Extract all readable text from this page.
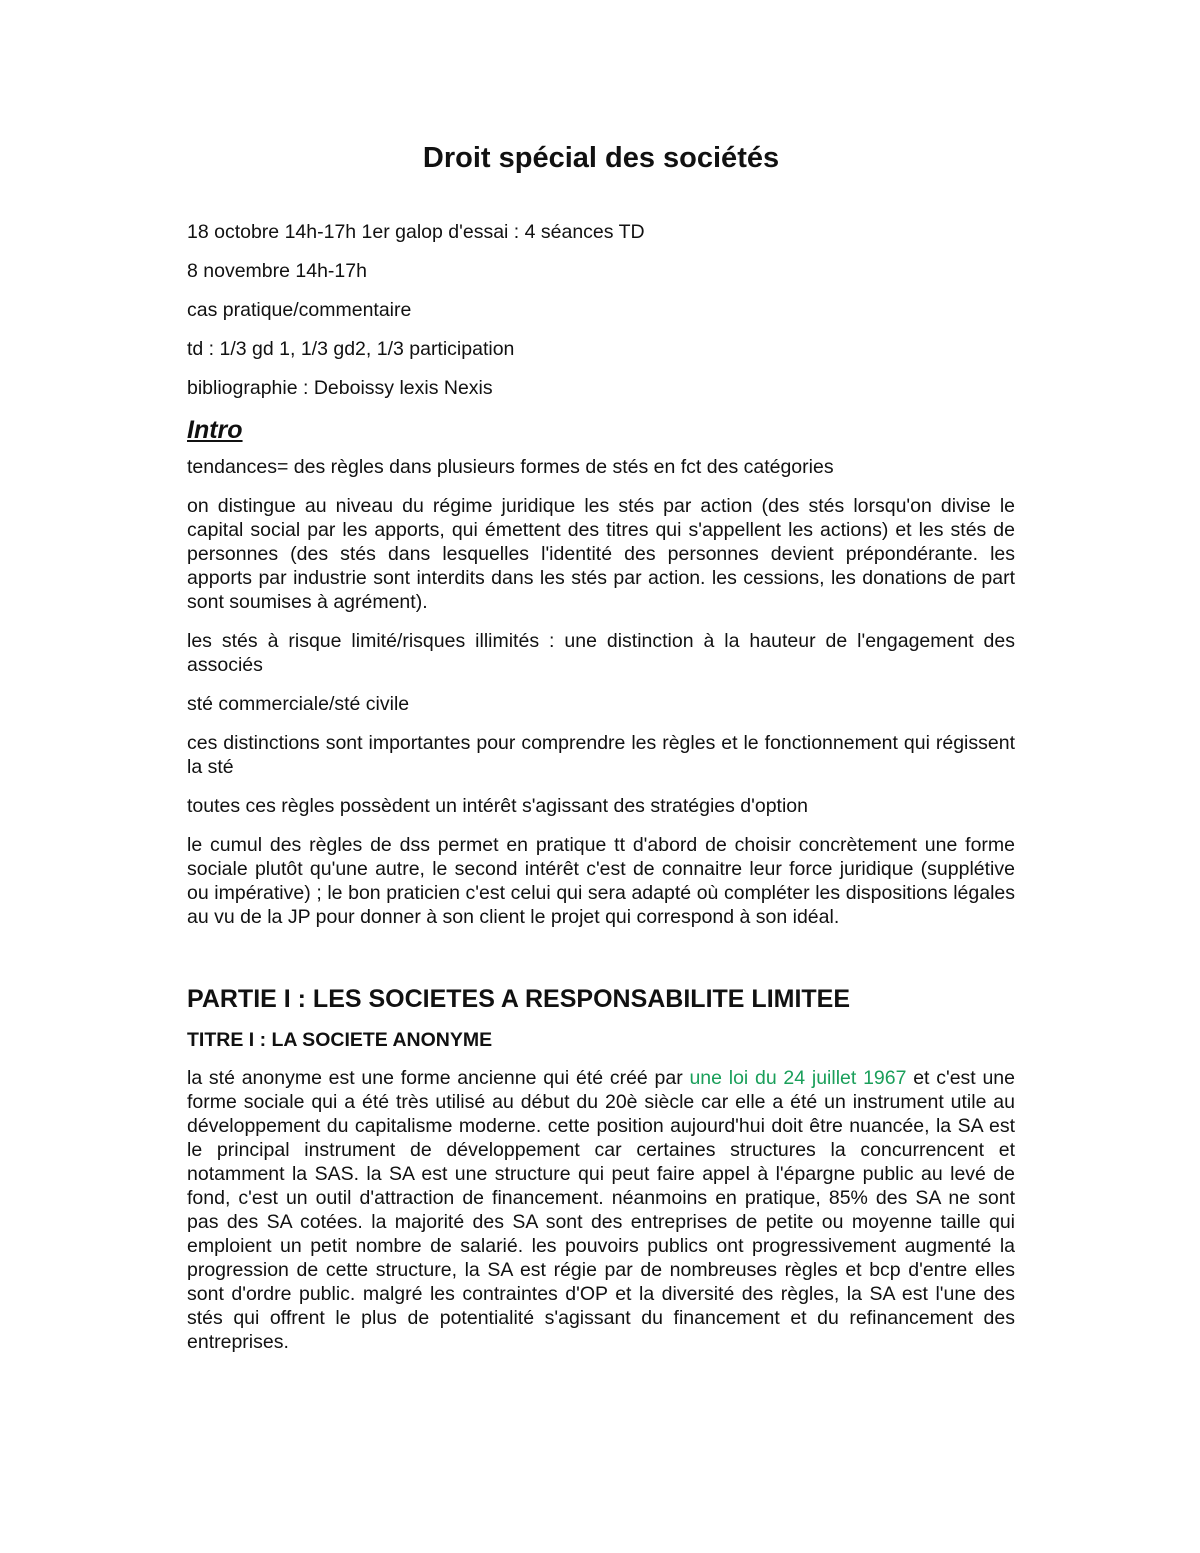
Droit spécial des sociétés

18 octobre 14h-17h 1er galop d'essai : 4 séances TD

8 novembre 14h-17h

cas pratique/commentaire

td : 1/3 gd 1, 1/3 gd2, 1/3 participation

bibliographie : Deboissy lexis Nexis

Intro

tendances= des règles dans plusieurs formes de stés en fct des catégories

on distingue au niveau du régime juridique les stés par action (des stés lorsqu'on divise le capital social par les apports, qui émettent des titres qui s'appellent les actions) et les stés de personnes (des stés dans lesquelles l'identité des personnes devient prépondérante. les apports par industrie sont interdits dans les stés par action. les cessions, les donations de part sont soumises à agrément).

les stés à risque limité/risques illimités : une distinction à la hauteur de l'engagement des associés

sté commerciale/sté civile

ces distinctions sont importantes pour comprendre les règles et le fonctionnement qui régissent la sté

toutes ces règles possèdent un intérêt s'agissant des stratégies d'option

le cumul des règles de dss permet en pratique tt d'abord de choisir concrètement une forme sociale plutôt qu'une autre, le second intérêt c'est de connaitre leur force juridique (supplétive ou impérative) ; le bon praticien c'est celui qui sera adapté où compléter les dispositions légales au vu de la JP pour donner à son client le projet qui correspond à son idéal.

PARTIE I : LES SOCIETES A RESPONSABILITE LIMITEE
TITRE I : LA SOCIETE ANONYME

la sté anonyme est une forme ancienne qui été créé par une loi du 24 juillet 1967 et c'est une forme sociale qui a été très utilisé au début du 20è siècle car elle a été un instrument utile au développement du capitalisme moderne. cette position aujourd'hui doit être nuancée, la SA est le principal instrument de développement car certaines structures la concurrencent et notamment la SAS. la SA est une structure qui peut faire appel à l'épargne public au levé de fond, c'est un outil d'attraction de financement. néanmoins en pratique, 85% des SA ne sont pas des SA cotées. la majorité des SA sont des entreprises de petite ou moyenne taille qui emploient un petit nombre de salarié. les pouvoirs publics ont progressivement augmenté la progression de cette structure, la SA est régie par de nombreuses règles et bcp d'entre elles sont d'ordre public. malgré les contraintes d'OP et la diversité des règles, la SA est l'une des stés qui offrent le plus de potentialité s'agissant du financement et du refinancement des entreprises.
